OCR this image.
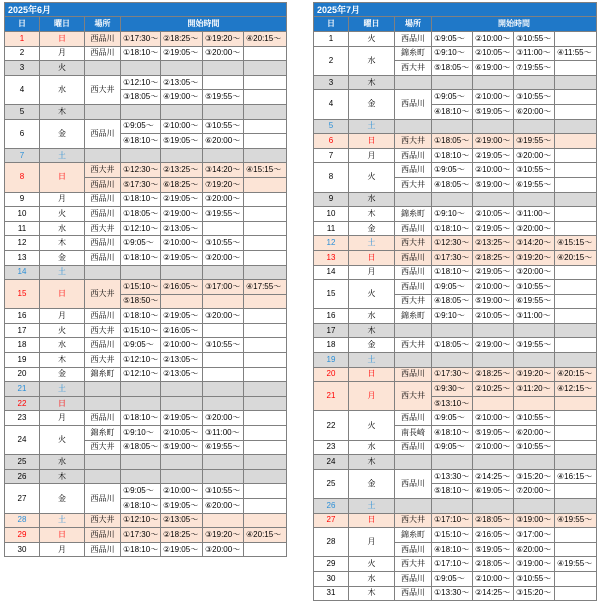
2025年6月						
日	曜日	場所	開始時間			
1	日	西品川	①17:30～	②18:25～	③19:20～	④20:15～
2	月	西品川	①18:10～	②19:05～	③20:00～	
3	火					
4	水	西大井	①12:10～	②13:05～		
			③18:05～	④19:00～	⑤19:55～	
5	木					
6	金	西品川	①9:05～	②10:00～	③10:55～	
			④18:10～	⑤19:05～	⑥20:00～	
7	土					
8	日	西大井	①12:30～	②13:25～	③14:20～	④15:15～
		西品川	⑤17:30～	⑥18:25～	⑦19:20～	
9	月	西品川	①18:10～	②19:05～	③20:00～	
10	火	西品川	①18:05～	②19:00～	③19:55～	
11	水	西大井	①12:10～	②13:05～		
12	木	西品川	①9:05～	②10:00～	③10:55～	
13	金	西品川	①18:10～	②19:05～	③20:00～	
14	土					
15	日	西大井	①15:10～	②16:05～	③17:00～	④17:55～
			⑤18:50～			
16	月	西品川	①18:10～	②19:05～	③20:00～	
17	火	西大井	①15:10～	②16:05～		
18	水	西品川	①9:05～	②10:00～	③10:55～	
19	木	西大井	①12:10～	②13:05～		
20	金	錦糸町	①12:10～	②13:05～		
21	土					
22	日					
23	月	西品川	①18:10～	②19:05～	③20:00～	
24	火	錦糸町	①9:10～	②10:05～	③11:00～	
		西大井	④18:05～	⑤19:00～	⑥19:55～	
25	水					
26	木					
27	金	西品川	①9:05～	②10:00～	③10:55～	
			④18:10～	⑤19:05～	⑥20:00～	
28	土	西大井	①12:10～	②13:05～		
29	日	西品川	①17:30～	②18:25～	③19:20～	④20:15～
30	月	西品川	①18:10～	②19:05～	③20:00～	
2025年7月						
日	曜日	場所	開始時間			
1	火	西品川	①9:05～	②10:00～	③10:55～	
2	水	錦糸町	①9:10～	②10:05～	③11:00～	④11:55～
		西大井	⑤18:05～	⑥19:00～	⑦19:55～	
3	木					
4	金	西品川	①9:05～	②10:00～	③10:55～	
			④18:10～	⑤19:05～	⑥20:00～	
5	土					
6	日	西大井	①18:05～	②19:00～	③19:55～	
7	月	西品川	①18:10～	②19:05～	③20:00～	
8	火	西品川	①9:05～	②10:00～	③10:55～	
		西大井	④18:05～	⑤19:00～	⑥19:55～	
9	水					
10	木	錦糸町	①9:10～	②10:05～	③11:00～	
11	金	西品川	①18:10～	②19:05～	③20:00～	
12	土	西大井	①12:30～	②13:25～	③14:20～	④15:15～
13	日	西品川	①17:30～	②18:25～	③19:20～	④20:15～
14	月	西品川	①18:10～	②19:05～	③20:00～	
15	火	西品川	①9:05～	②10:00～	③10:55～	
		西大井	④18:05～	⑤19:00～	⑥19:55～	
16	水	錦糸町	①9:10～	②10:05～	③11:00～	
17	木					
18	金	西大井	①18:05～	②19:00～	③19:55～	
19	土					
20	日	西品川	①17:30～	②18:25～	③19:20～	④20:15～
21	月	西大井	①9:30～	②10:25～	③11:20～	④12:15～
			⑤13:10～			
22	火	西品川	①9:05～	②10:00～	③10:55～	
		南長崎	④18:10～	⑤19:05～	⑥20:00～	
23	水	西品川	①9:05～	②10:00～	③10:55～	
24	木					
25	金	西品川	①13:30～	②14:25～	③15:20～	④16:15～
			⑤18:10～	⑥19:05～	⑦20:00～	
26	土					
27	日	西大井	①17:10～	②18:05～	③19:00～	④19:55～
28	月	錦糸町	①15:10～	②16:05～	③17:00～	
		西品川	④18:10～	⑤19:05～	⑥20:00～	
29	火	西大井	①17:10～	②18:05～	③19:00～	④19:55～
30	水	西品川	①9:05～	②10:00～	③10:55～	
31	木	西品川	①13:30～	②14:25～	③15:20～	
